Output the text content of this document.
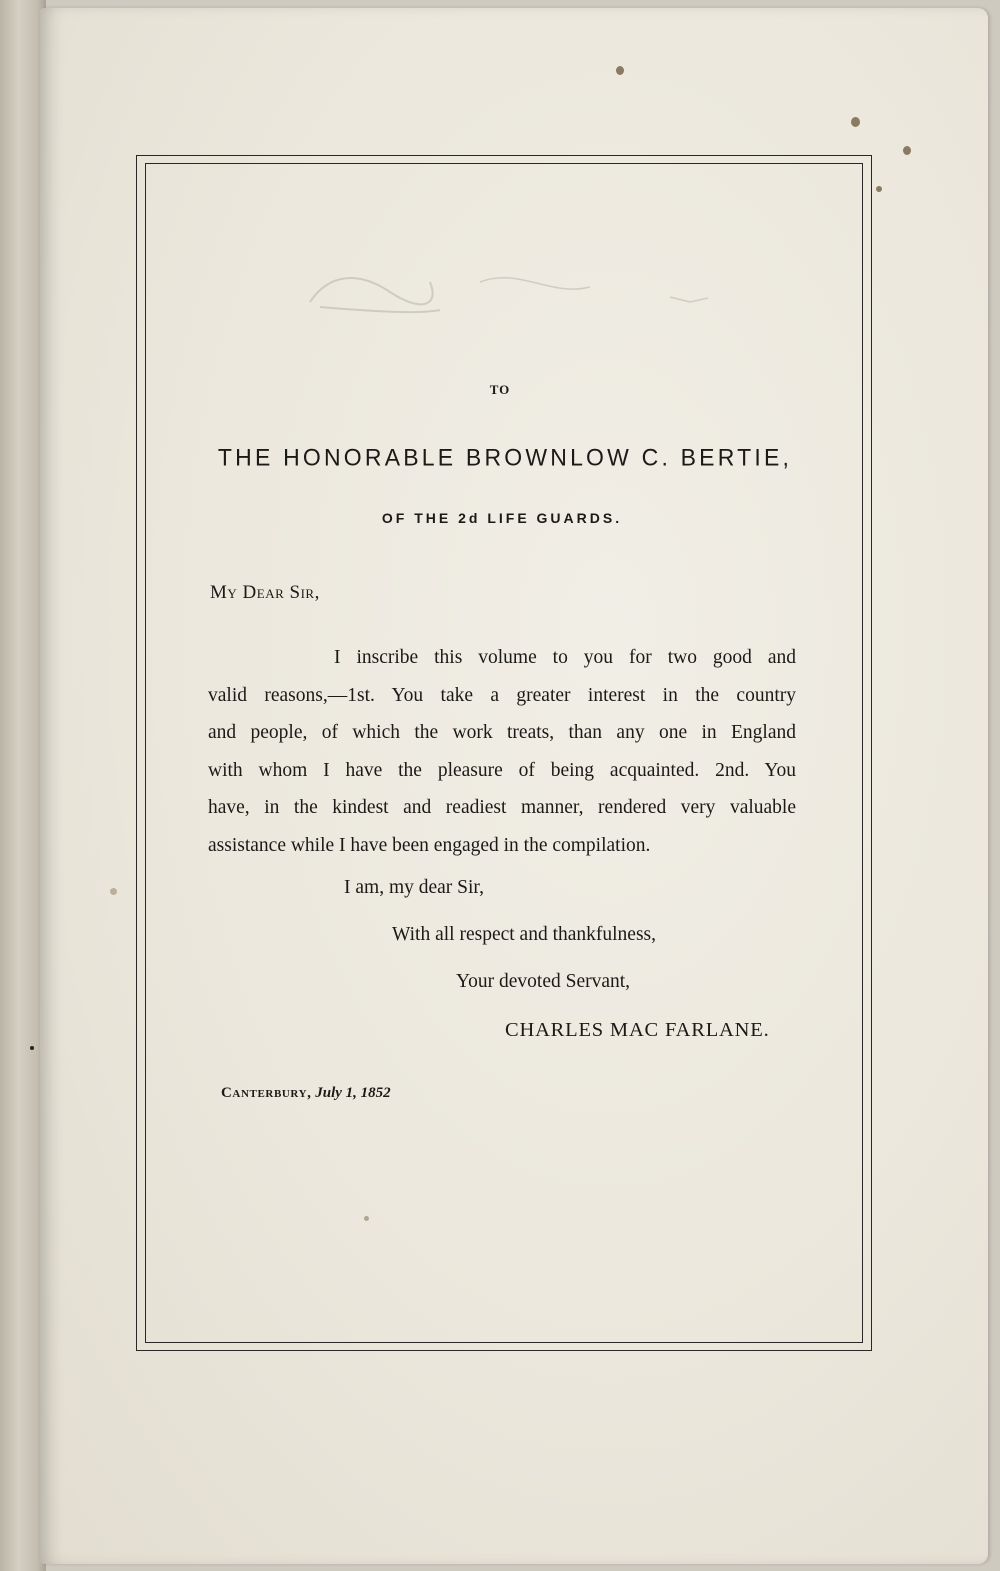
TO
THE HONORABLE BROWNLOW C. BERTIE,
OF THE 2d LIFE GUARDS.
My Dear Sir,
I inscribe this volume to you for two good and
valid reasons,—1st. You take a greater interest in the country
and people, of which the work treats, than any one in England
with whom I have the pleasure of being acquainted. 2nd. You
have, in the kindest and readiest manner, rendered very valuable
assistance while I have been engaged in the compilation.
I am, my dear Sir,
With all respect and thankfulness,
Your devoted Servant,
CHARLES MAC FARLANE.
Canterbury, July 1, 1852
